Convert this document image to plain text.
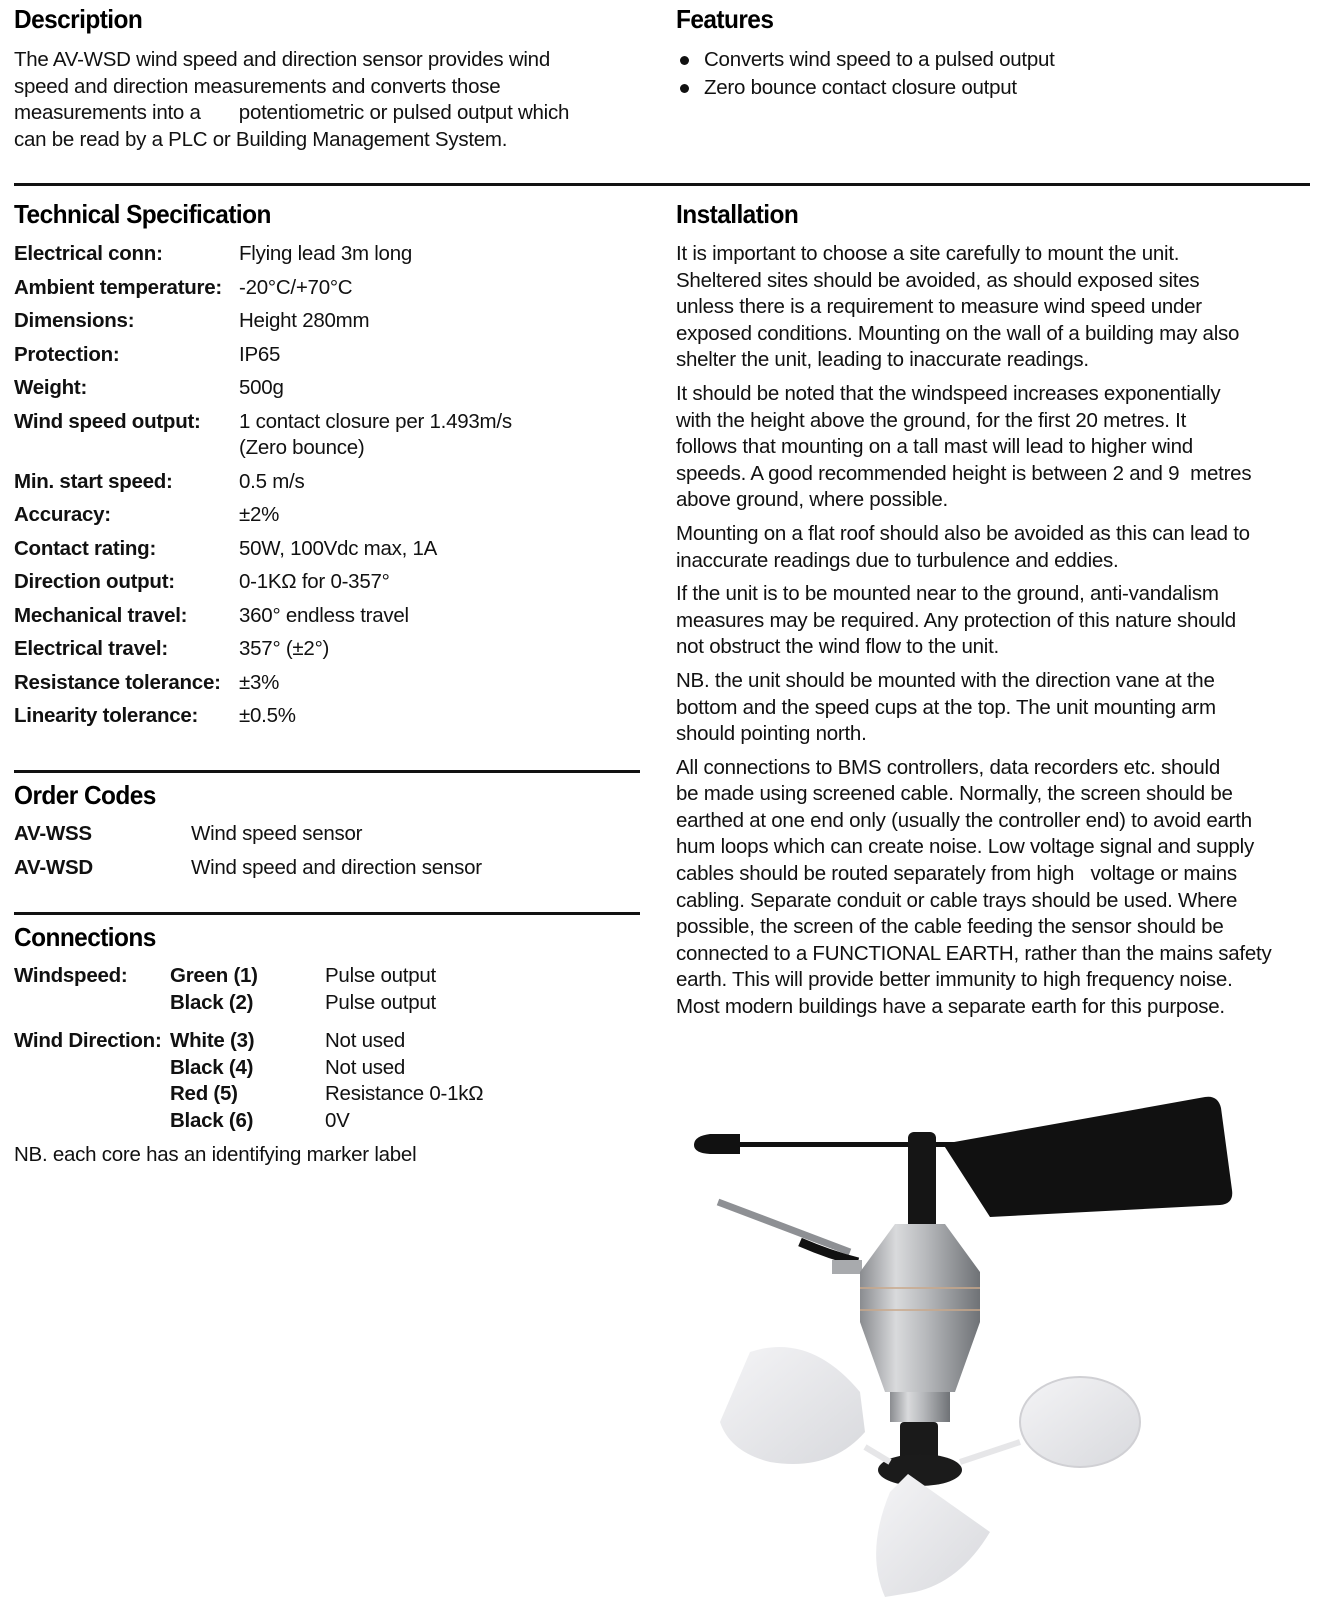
Description

The AV-WSD wind speed and direction sensor provides wind

speed and direction measurements and converts those

measurements into a       potentiometric or pulsed output which

can be read by a PLC or Building Management System.

Features
Converts wind speed to a pulsed output
Zero bounce contact closure output
Technical Specification
Electrical conn:	Flying lead 3m long
Ambient temperature: -20°C/+70°C
Dimensions:	Height 280mm
Protection:	IP65
Weight:	500g
Wind speed output:	1 contact closure per 1.493m/s
(Zero bounce)
Min. start speed:	0.5 m/s
Accuracy:	±2%
Contact rating:	50W, 100Vdc max, 1A
Direction output:	0-1KΩ for 0-357°
Mechanical travel:	360° endless travel
Electrical travel:	357° (±2°)
Resistance tolerance: ±3%
Linearity tolerance:	±0.5%
Order Codes
AV-WSS	Wind speed sensor
AV-WSD	Wind speed and direction sensor
Connections
Windspeed:	Green (1)	Pulse output
Black (2)	Pulse output
Wind Direction: White (3)	Not used
Black (4)	Not used
Red (5)	Resistance 0-1kΩ
Black (6)	0V
NB. each core has an identifying marker label
Installation

It is important to choose a site carefully to mount the unit.

Sheltered sites should be avoided, as should exposed sites

unless there is a requirement to measure wind speed under

exposed conditions. Mounting on the wall of a building may also

shelter the unit, leading to inaccurate readings.

It should be noted that the windspeed increases exponentially

with the height above the ground, for the first 20 metres. It

follows that mounting on a tall mast will lead to higher wind

speeds. A good recommended height is between 2 and 9  metres

above ground, where possible.

Mounting on a flat roof should also be avoided as this can lead to

inaccurate readings due to turbulence and eddies.

If the unit is to be mounted near to the ground, anti-vandalism

measures may be required. Any protection of this nature should

not obstruct the wind flow to the unit.

NB. the unit should be mounted with the direction vane at the

bottom and the speed cups at the top. The unit mounting arm

should pointing north.

All connections to BMS controllers, data recorders etc. should

be made using screened cable. Normally, the screen should be

earthed at one end only (usually the controller end) to avoid earth

hum loops which can create noise. Low voltage signal and supply

cables should be routed separately from high   voltage or mains

cabling. Separate conduit or cable trays should be used. Where

possible, the screen of the cable feeding the sensor should be

connected to a FUNCTIONAL EARTH, rather than the mains safety

earth. This will provide better immunity to high frequency noise.

Most modern buildings have a separate earth for this purpose.
